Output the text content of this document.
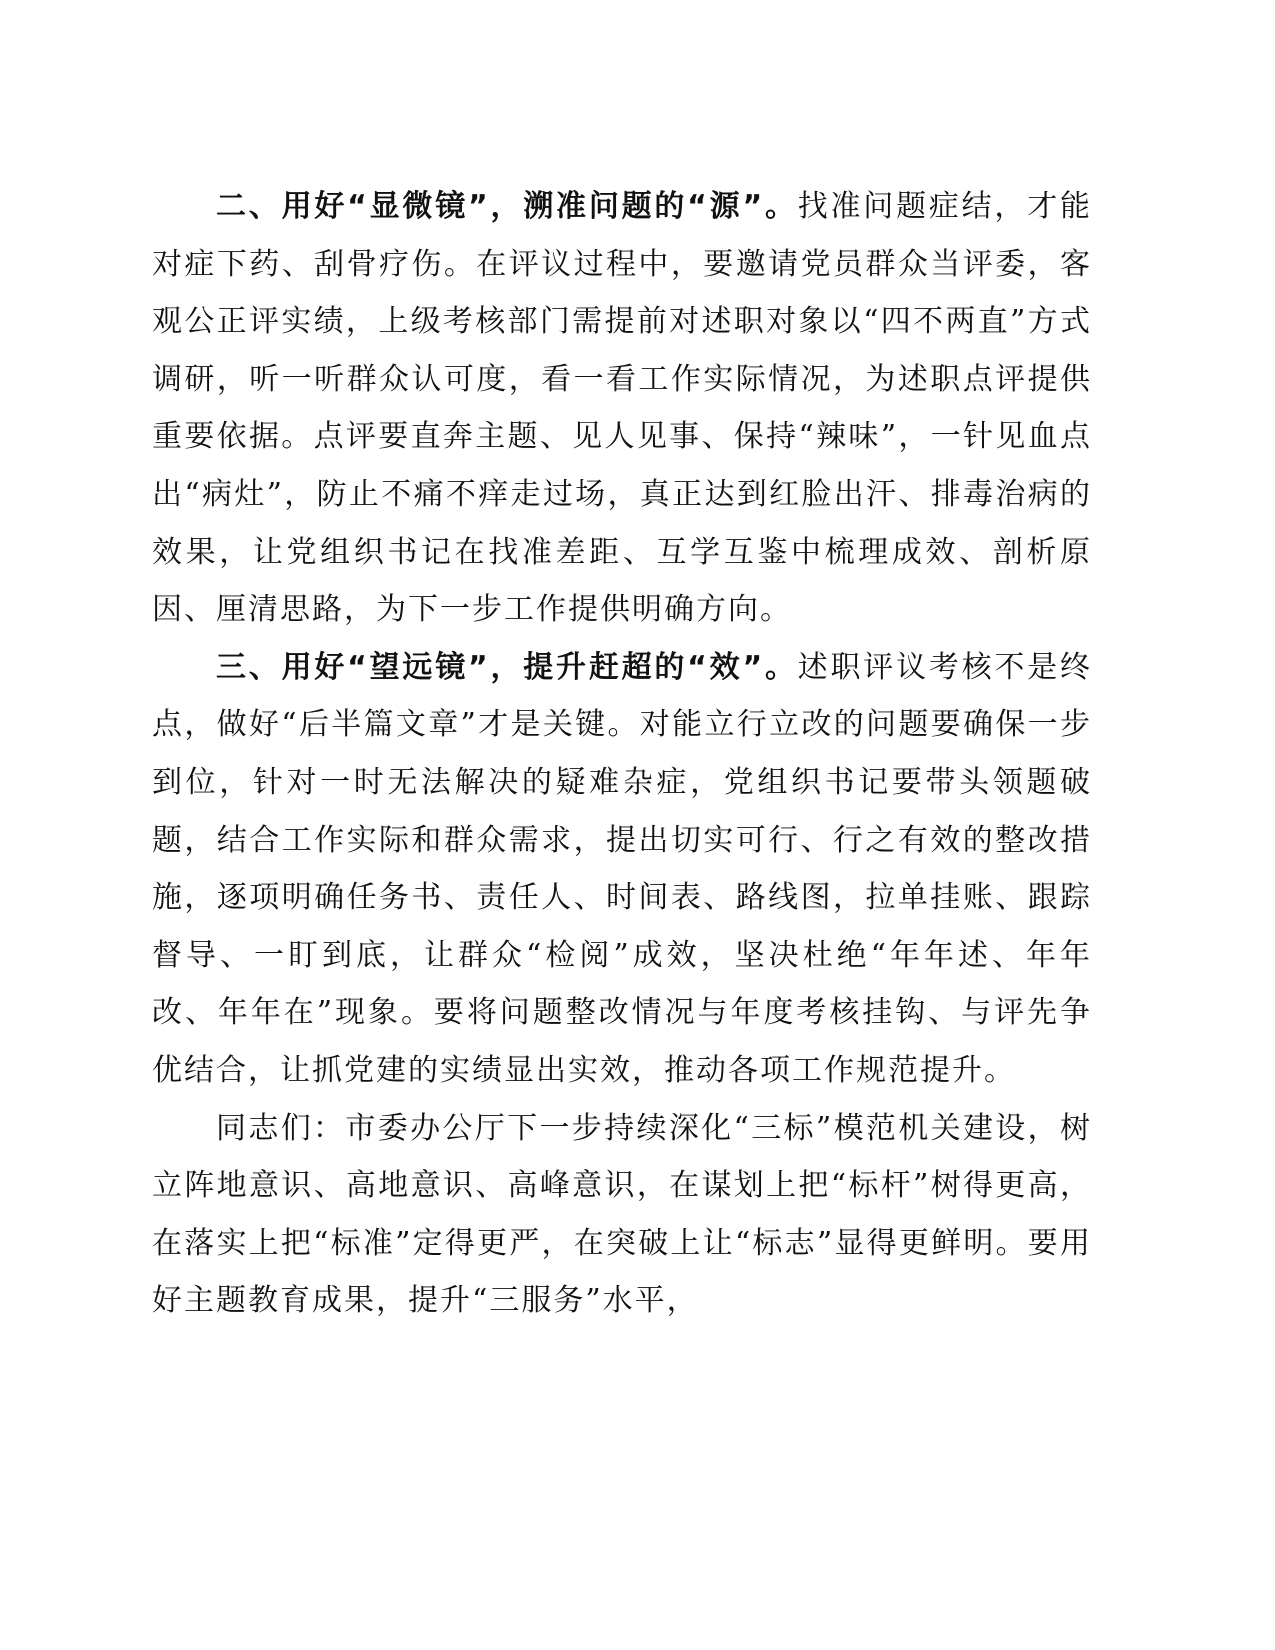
二、用好“显微镜”，溯准问题的“源”。找准问题症结，才能对症下药、刮骨疗伤。在评议过程中，要邀请党员群众当评委，客观公正评实绩，上级考核部门需提前对述职对象以“四不两直”方式调研，听一听群众认可度，看一看工作实际情况，为述职点评提供重要依据。点评要直奔主题、见人见事、保持“辣味”，一针见血点出“病灶”，防止不痛不痒走过场，真正达到红脸出汗、排毒治病的效果，让党组织书记在找准差距、互学互鉴中梳理成效、剖析原因、厘清思路，为下一步工作提供明确方向。

三、用好“望远镜”，提升赶超的“效”。述职评议考核不是终点，做好“后半篇文章”才是关键。对能立行立改的问题要确保一步到位，针对一时无法解决的疑难杂症，党组织书记要带头领题破题，结合工作实际和群众需求，提出切实可行、行之有效的整改措施，逐项明确任务书、责任人、时间表、路线图，拉单挂账、跟踪督导、一盯到底，让群众“检阅”成效，坚决杜绝“年年述、年年改、年年在”现象。要将问题整改情况与年度考核挂钩、与评先争优结合，让抓党建的实绩显出实效，推动各项工作规范提升。

同志们：市委办公厅下一步持续深化“三标”模范机关建设，树立阵地意识、高地意识、高峰意识，在谋划上把“标杆”树得更高，在落实上把“标准”定得更严，在突破上让“标志”显得更鲜明。要用好主题教育成果，提升“三服务”水平，
